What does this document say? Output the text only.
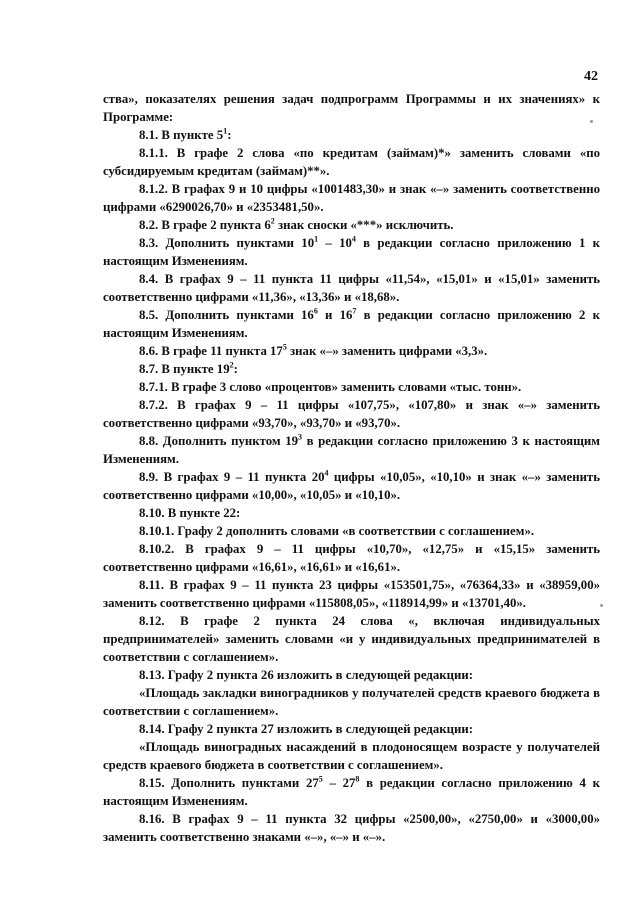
42

ства», показателях решения задач подпрограмм Программы и их значениях» к Программе:

8.1. В пункте $5^1$:

8.1.1. В графе 2 слова «по кредитам (займам)*» заменить словами «по субсидируемым кредитам (займам)**».

8.1.2. В графах 9 и 10 цифры «1001483,30» и знак «–» заменить соответственно цифрами «6290026,70» и «2353481,50».

8.2. В графе 2 пункта $6^2$ знак сноски «***» исключить.

8.3. Дополнить пунктами $10^1 - 10^4$ в редакции согласно приложению 1 к настоящим Изменениям.

8.4. В графах 9 – 11 пункта 11 цифры «11,54», «15,01» и «15,01» заменить соответственно цифрами «11,36», «13,36» и «18,68».

8.5. Дополнить пунктами $16^6$ и $16^7$ в редакции согласно приложению 2 к настоящим Изменениям.

8.6. В графе 11 пункта $17^5$ знак «–» заменить цифрами «3,3».

8.7. В пункте $19^2$:

8.7.1. В графе 3 слово «процентов» заменить словами «тыс. тонн».

8.7.2. В графах 9 – 11 цифры «107,75», «107,80» и знак «–» заменить соответственно цифрами «93,70», «93,70» и «93,70».

8.8. Дополнить пунктом $19^3$ в редакции согласно приложению 3 к настоящим Изменениям.

8.9. В графах 9 – 11 пункта $20^4$ цифры «10,05», «10,10» и знак «–» заменить соответственно цифрами «10,00», «10,05» и «10,10».

8.10. В пункте 22:

8.10.1. Графу 2 дополнить словами «в соответствии с соглашением».

8.10.2. В графах 9 – 11 цифры «10,70», «12,75» и «15,15» заменить соответственно цифрами «16,61», «16,61» и «16,61».

8.11. В графах 9 – 11 пункта 23 цифры «153501,75», «76364,33» и «38959,00» заменить соответственно цифрами «115808,05», «118914,99» и «13701,40».

8.12. В графе 2 пункта 24 слова «, включая индивидуальных предпринимателей» заменить словами «и у индивидуальных предпринимателей в соответствии с соглашением».

8.13. Графу 2 пункта 26 изложить в следующей редакции:

«Площадь закладки виноградников у получателей средств краевого бюджета в соответствии с соглашением».

8.14. Графу 2 пункта 27 изложить в следующей редакции:

«Площадь виноградных насаждений в плодоносящем возрасте у получателей средств краевого бюджета в соответствии с соглашением».

8.15. Дополнить пунктами $27^5 - 27^8$ в редакции согласно приложению 4 к настоящим Изменениям.

8.16. В графах 9 – 11 пункта 32 цифры «2500,00», «2750,00» и «3000,00» заменить соответственно знаками «–», «–» и «–».
